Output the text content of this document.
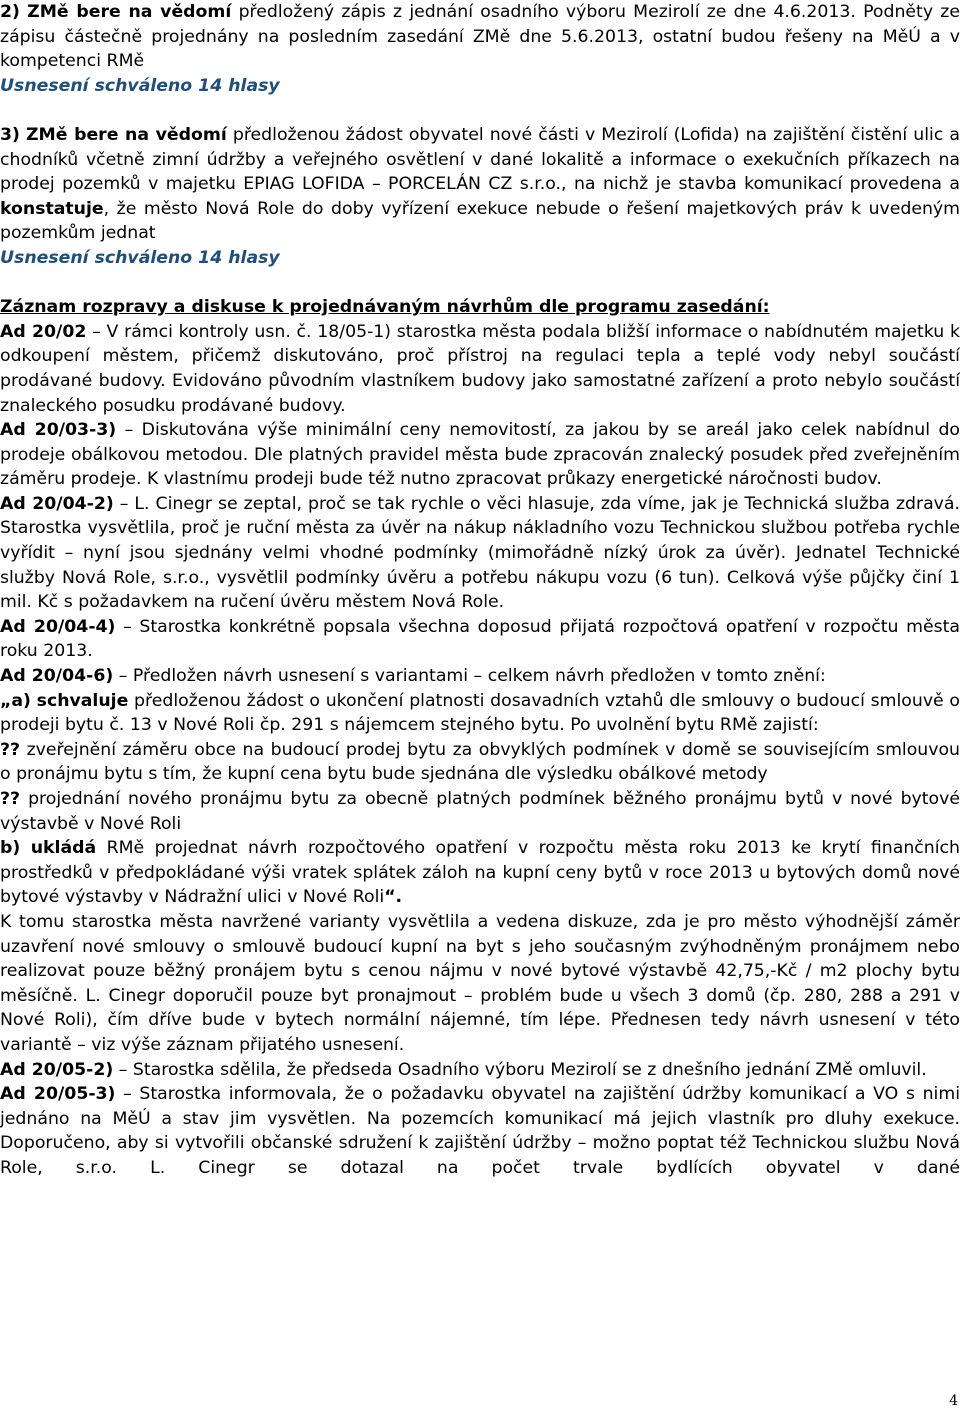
2) ZMě bere na vědomí předložený zápis z jednání osadního výboru Mezirolí ze dne 4.6.2013. Podněty ze zápisu částečně projednány na posledním zasedání ZMě dne 5.6.2013, ostatní budou řešeny na MěÚ a v kompetenci RMě

Usnesení schváleno 14 hlasy

3) ZMě bere na vědomí předloženou žádost obyvatel nové části v Mezirolí (Lofida) na zajištění čistění ulic a chodníků včetně zimní údržby a veřejného osvětlení v dané lokalitě a informace o exekučních příkazech na prodej pozemků v majetku EPIAG LOFIDA – PORCELÁN CZ s.r.o., na nichž je stavba komunikací provedena a konstatuje, že město Nová Role do doby vyřízení exekuce nebude o řešení majetkových práv k uvedeným pozemkům jednat

Usnesení schváleno 14 hlasy

Záznam rozpravy a diskuse k projednávaným návrhům dle programu zasedání:

Ad 20/02 – V rámci kontroly usn. č. 18/05-1) starostka města podala bližší informace o nabídnutém majetku k odkoupení městem, přičemž diskutováno, proč přístroj na regulaci tepla a teplé vody nebyl součástí prodávané budovy. Evidováno původním vlastníkem budovy jako samostatné zařízení a proto nebylo součástí znaleckého posudku prodávané budovy.

Ad 20/03-3) – Diskutována výše minimální ceny nemovitostí, za jakou by se areál jako celek nabídnul do prodeje obálkovou metodou. Dle platných pravidel města bude zpracován znalecký posudek před zveřejněním záměru prodeje. K vlastnímu prodeji bude též nutno zpracovat průkazy energetické náročnosti budov.

Ad 20/04-2) – L. Cinegr se zeptal, proč se tak rychle o věci hlasuje, zda víme, jak je Technická služba zdravá. Starostka vysvětlila, proč je ruční města za úvěr na nákup nákladního vozu Technickou službou potřeba rychle vyřídit – nyní jsou sjednány velmi vhodné podmínky (mimořádně nízký úrok za úvěr). Jednatel Technické služby Nová Role, s.r.o., vysvětlil podmínky úvěru a potřebu nákupu vozu (6 tun). Celková výše půjčky činí 1 mil. Kč s požadavkem na ručení úvěru městem Nová Role.

Ad 20/04-4) – Starostka konkrétně popsala všechna doposud přijatá rozpočtová opatření v rozpočtu města roku 2013.

Ad 20/04-6) – Předložen návrh usnesení s variantami – celkem návrh předložen v tomto znění:

„a) schvaluje předloženou žádost o ukončení platnosti dosavadních vztahů dle smlouvy o budoucí smlouvě o prodeji bytu č. 13 v Nové Roli čp. 291 s nájemcem stejného bytu. Po uvolnění bytu RMě zajistí:

?? zveřejnění záměru obce na budoucí prodej bytu za obvyklých podmínek v domě se souvisejícím smlouvou o pronájmu bytu s tím, že kupní cena bytu bude sjednána dle výsledku obálkové metody

?? projednání nového pronájmu bytu za obecně platných podmínek běžného pronájmu bytů v nové bytové výstavbě v Nové Roli

b) ukládá RMě projednat návrh rozpočtového opatření v rozpočtu města roku 2013 ke krytí finančních prostředků v předpokládané výši vratek splátek záloh na kupní ceny bytů v roce 2013 u bytových domů nové bytové výstavby v Nádražní ulici v Nové Roli“.

K tomu starostka města navržené varianty vysvětlila a vedena diskuze, zda je pro město výhodnější záměr uzavření nové smlouvy o smlouvě budoucí kupní na byt s jeho současným zvýhodněným pronájmem nebo realizovat pouze běžný pronájem bytu s cenou nájmu v nové bytové výstavbě 42,75,-Kč / m2 plochy bytu měsíčně. L. Cinegr doporučil pouze byt pronajmout – problém bude u všech 3 domů (čp. 280, 288 a 291 v Nové Roli), čím dříve bude v bytech normální nájemné, tím lépe. Přednesen tedy návrh usnesení v této variantě – viz výše záznam přijatého usnesení.

Ad 20/05-2) – Starostka sdělila, že předseda Osadního výboru Mezirolí se z dnešního jednání ZMě omluvil.

Ad 20/05-3) – Starostka informovala, že o požadavku obyvatel na zajištění údržby komunikací a VO s nimi jednáno na MěÚ a stav jim vysvětlen. Na pozemcích komunikací má jejich vlastník pro dluhy exekuce. Doporučeno, aby si vytvořili občanské sdružení k zajištění údržby – možno poptat též Technickou službu Nová Role, s.r.o. L. Cinegr se dotazal na počet trvale bydlících obyvatel v dané

4
